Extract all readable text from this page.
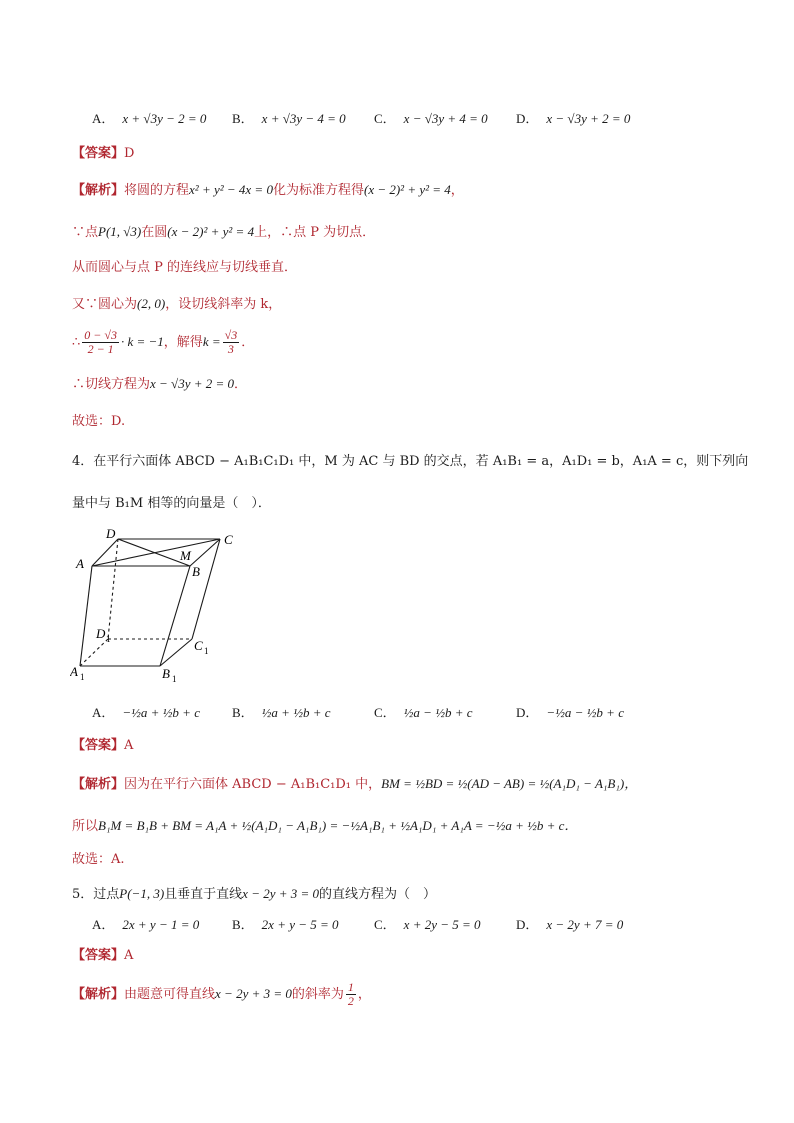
A． x + √3y − 2 = 0 B． x + √3y − 4 = 0 C． x − √3y + 4 = 0 D． x − √3y + 2 = 0
【答案】D
【解析】将圆的方程x² + y² − 4x = 0化为标准方程得(x − 2)² + y² = 4，
∵点P(1, √3)在圆(x − 2)² + y² = 4上，∴点 P 为切点．
从而圆心与点 P 的连线应与切线垂直．
又∵圆心为(2, 0)，设切线斜率为 k，
∴ $\frac{0 - √3}{2 - 1} \cdot k = -1$，解得$k = \frac{√3}{3}$ ．
∴切线方程为x − √3y + 2 = 0．
故选：D.
4．在平行六面体 ABCD − A₁B₁C₁D₁ 中，M 为 AC 与 BD 的交点，若 A₁B₁ = a，A₁D₁ = b，A₁A = c，则下列向
量中与 B₁M 相等的向量是（　）．
D	C
A
M
B
D 1	C 1
A 1	B 1
A． −½a + ½b + c B． ½a + ½b + c	C． ½a − ½b + c	D． −½a − ½b + c
【答案】A
【解析】因为在平行六面体 ABCD − A₁B₁C₁D₁ 中，BM = ½BD = ½(AD − AB) = ½(A₁D₁ − A₁B₁)，
所以B₁M = B₁B + BM = A₁A + ½(A₁D₁ − A₁B₁) = −½A₁B₁ + ½A₁D₁ + A₁A = −½a + ½b + c．
故选：A.
5．过点P(−1, 3)且垂直于直线x − 2y + 3 = 0的直线方程为（　）
A． 2x + y − 1 = 0	B． 2x + y − 5 = 0	C． x + 2y − 5 = 0	D． x − 2y + 7 = 0
【答案】A
【解析】由题意可得直线x − 2y + 3 = 0的斜率为 $\frac{1}{2}$ ，
